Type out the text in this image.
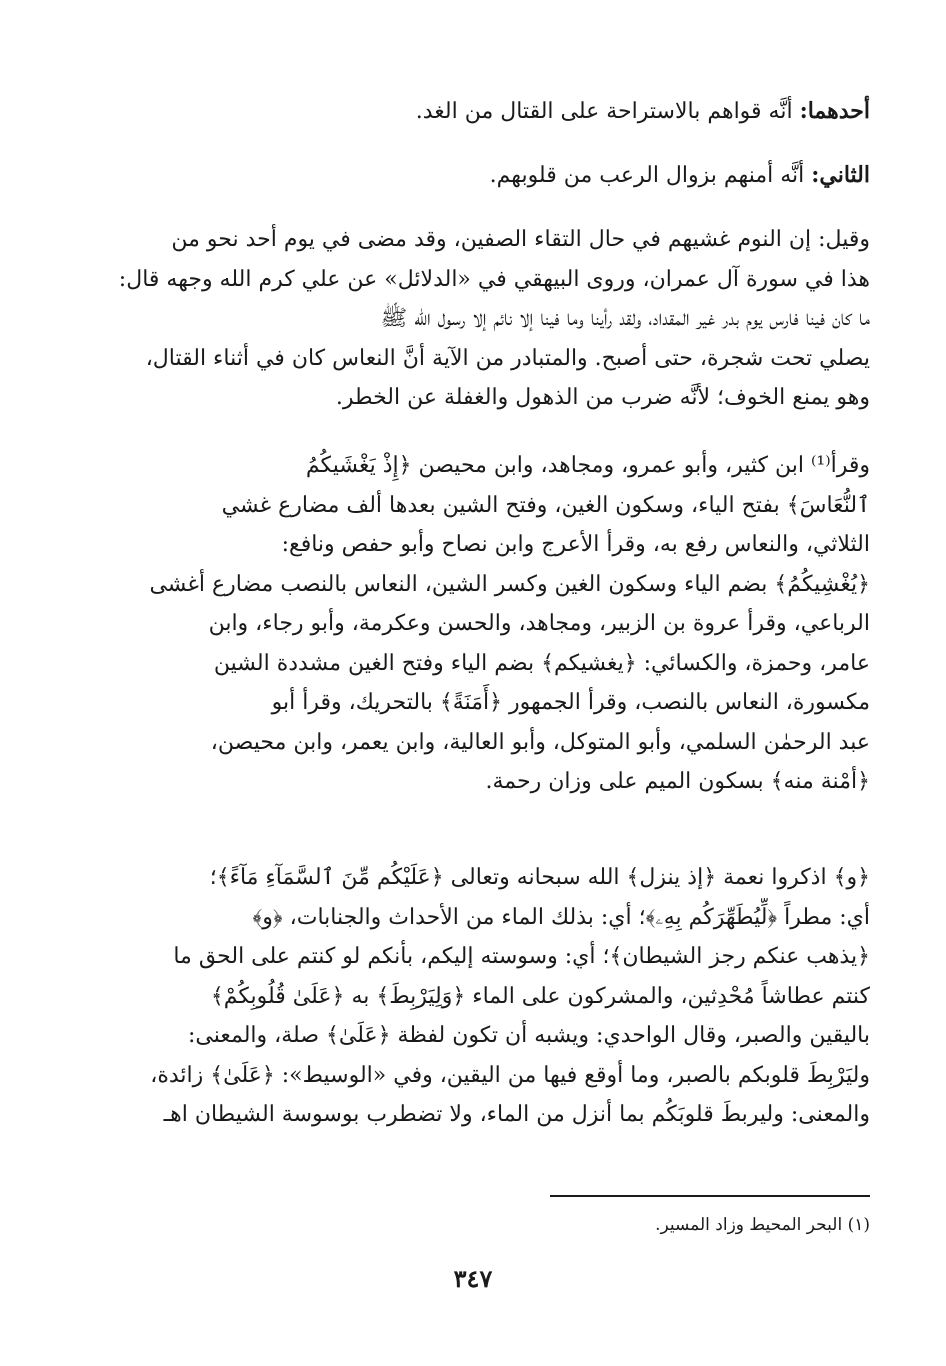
أحدهما: أنَّه قواهم بالاستراحة على القتال من الغد.
الثاني: أنَّه أمنهم بزوال الرعب من قلوبهم.
وقيل: إن النوم غشيهم في حال التقاء الصفين، وقد مضى في يوم أحد نحو من
هذا في سورة آل عمران، وروى البيهقي في «الدلائل» عن علي كرم الله وجهه قال:
ما كان فينا فارس يوم بدر غير المقداد، ولقد رأينا وما فينا إلا نائم إلا رسول الله ﷺ
يصلي تحت شجرة، حتى أصبح. والمتبادر من الآية أنَّ النعاس كان في أثناء القتال،
وهو يمنع الخوف؛ لأنَّه ضرب من الذهول والغفلة عن الخطر.
وقرأ⁽¹⁾ ابن كثير، وأبو عمرو، ومجاهد، وابن محيصن ﴿إِذْ يَغْشَيكُمُ
ٱلنُّعَاسَ﴾ بفتح الياء، وسكون الغين، وفتح الشين بعدها ألف مضارع غشي
الثلاثي، والنعاس رفع به، وقرأ الأعرج وابن نصاح وأبو حفص ونافع:
﴿يُغْشِيكُمُ﴾ بضم الياء وسكون الغين وكسر الشين، النعاس بالنصب مضارع أغشى
الرباعي، وقرأ عروة بن الزبير، ومجاهد، والحسن وعكرمة، وأبو رجاء، وابن
عامر، وحمزة، والكسائي: ﴿يغشيكم﴾ بضم الياء وفتح الغين مشددة الشين
مكسورة، النعاس بالنصب، وقرأ الجمهور ﴿أَمَنَةً﴾ بالتحريك، وقرأ أبو
عبد الرحمٰن السلمي، وأبو المتوكل، وأبو العالية، وابن يعمر، وابن محيصن،
﴿أمْنة منه﴾ بسكون الميم على وزان رحمة.
﴿و﴾ اذكروا نعمة ﴿إذ ينزل﴾ الله سبحانه وتعالى ﴿عَلَيْكُم مِّنَ ٱلسَّمَآءِ مَآءً﴾؛
أي: مطراً ﴿لِّيُطَهِّرَكُم بِهِۦ﴾؛ أي: بذلك الماء من الأحداث والجنابات، ﴿و﴾
﴿يذهب عنكم رجز الشيطان﴾؛ أي: وسوسته إليكم، بأنكم لو كنتم على الحق ما
كنتم عطاشاً مُحْدِثين، والمشركون على الماء ﴿وَلِيَرْبِطَ﴾ به ﴿عَلَىٰ قُلُوبِكُمْ﴾
باليقين والصبر، وقال الواحدي: ويشبه أن تكون لفظة ﴿عَلَىٰ﴾ صلة، والمعنى:
وليَرْبِطَ قلوبكم بالصبر، وما أوقع فيها من اليقين، وفي «الوسيط»: ﴿عَلَىٰ﴾ زائدة،
والمعنى: وليربطَ قلوبَكُم بما أنزل من الماء، ولا تضطرب بوسوسة الشيطان اهـ
(١) البحر المحيط وزاد المسير.
٣٤٧
